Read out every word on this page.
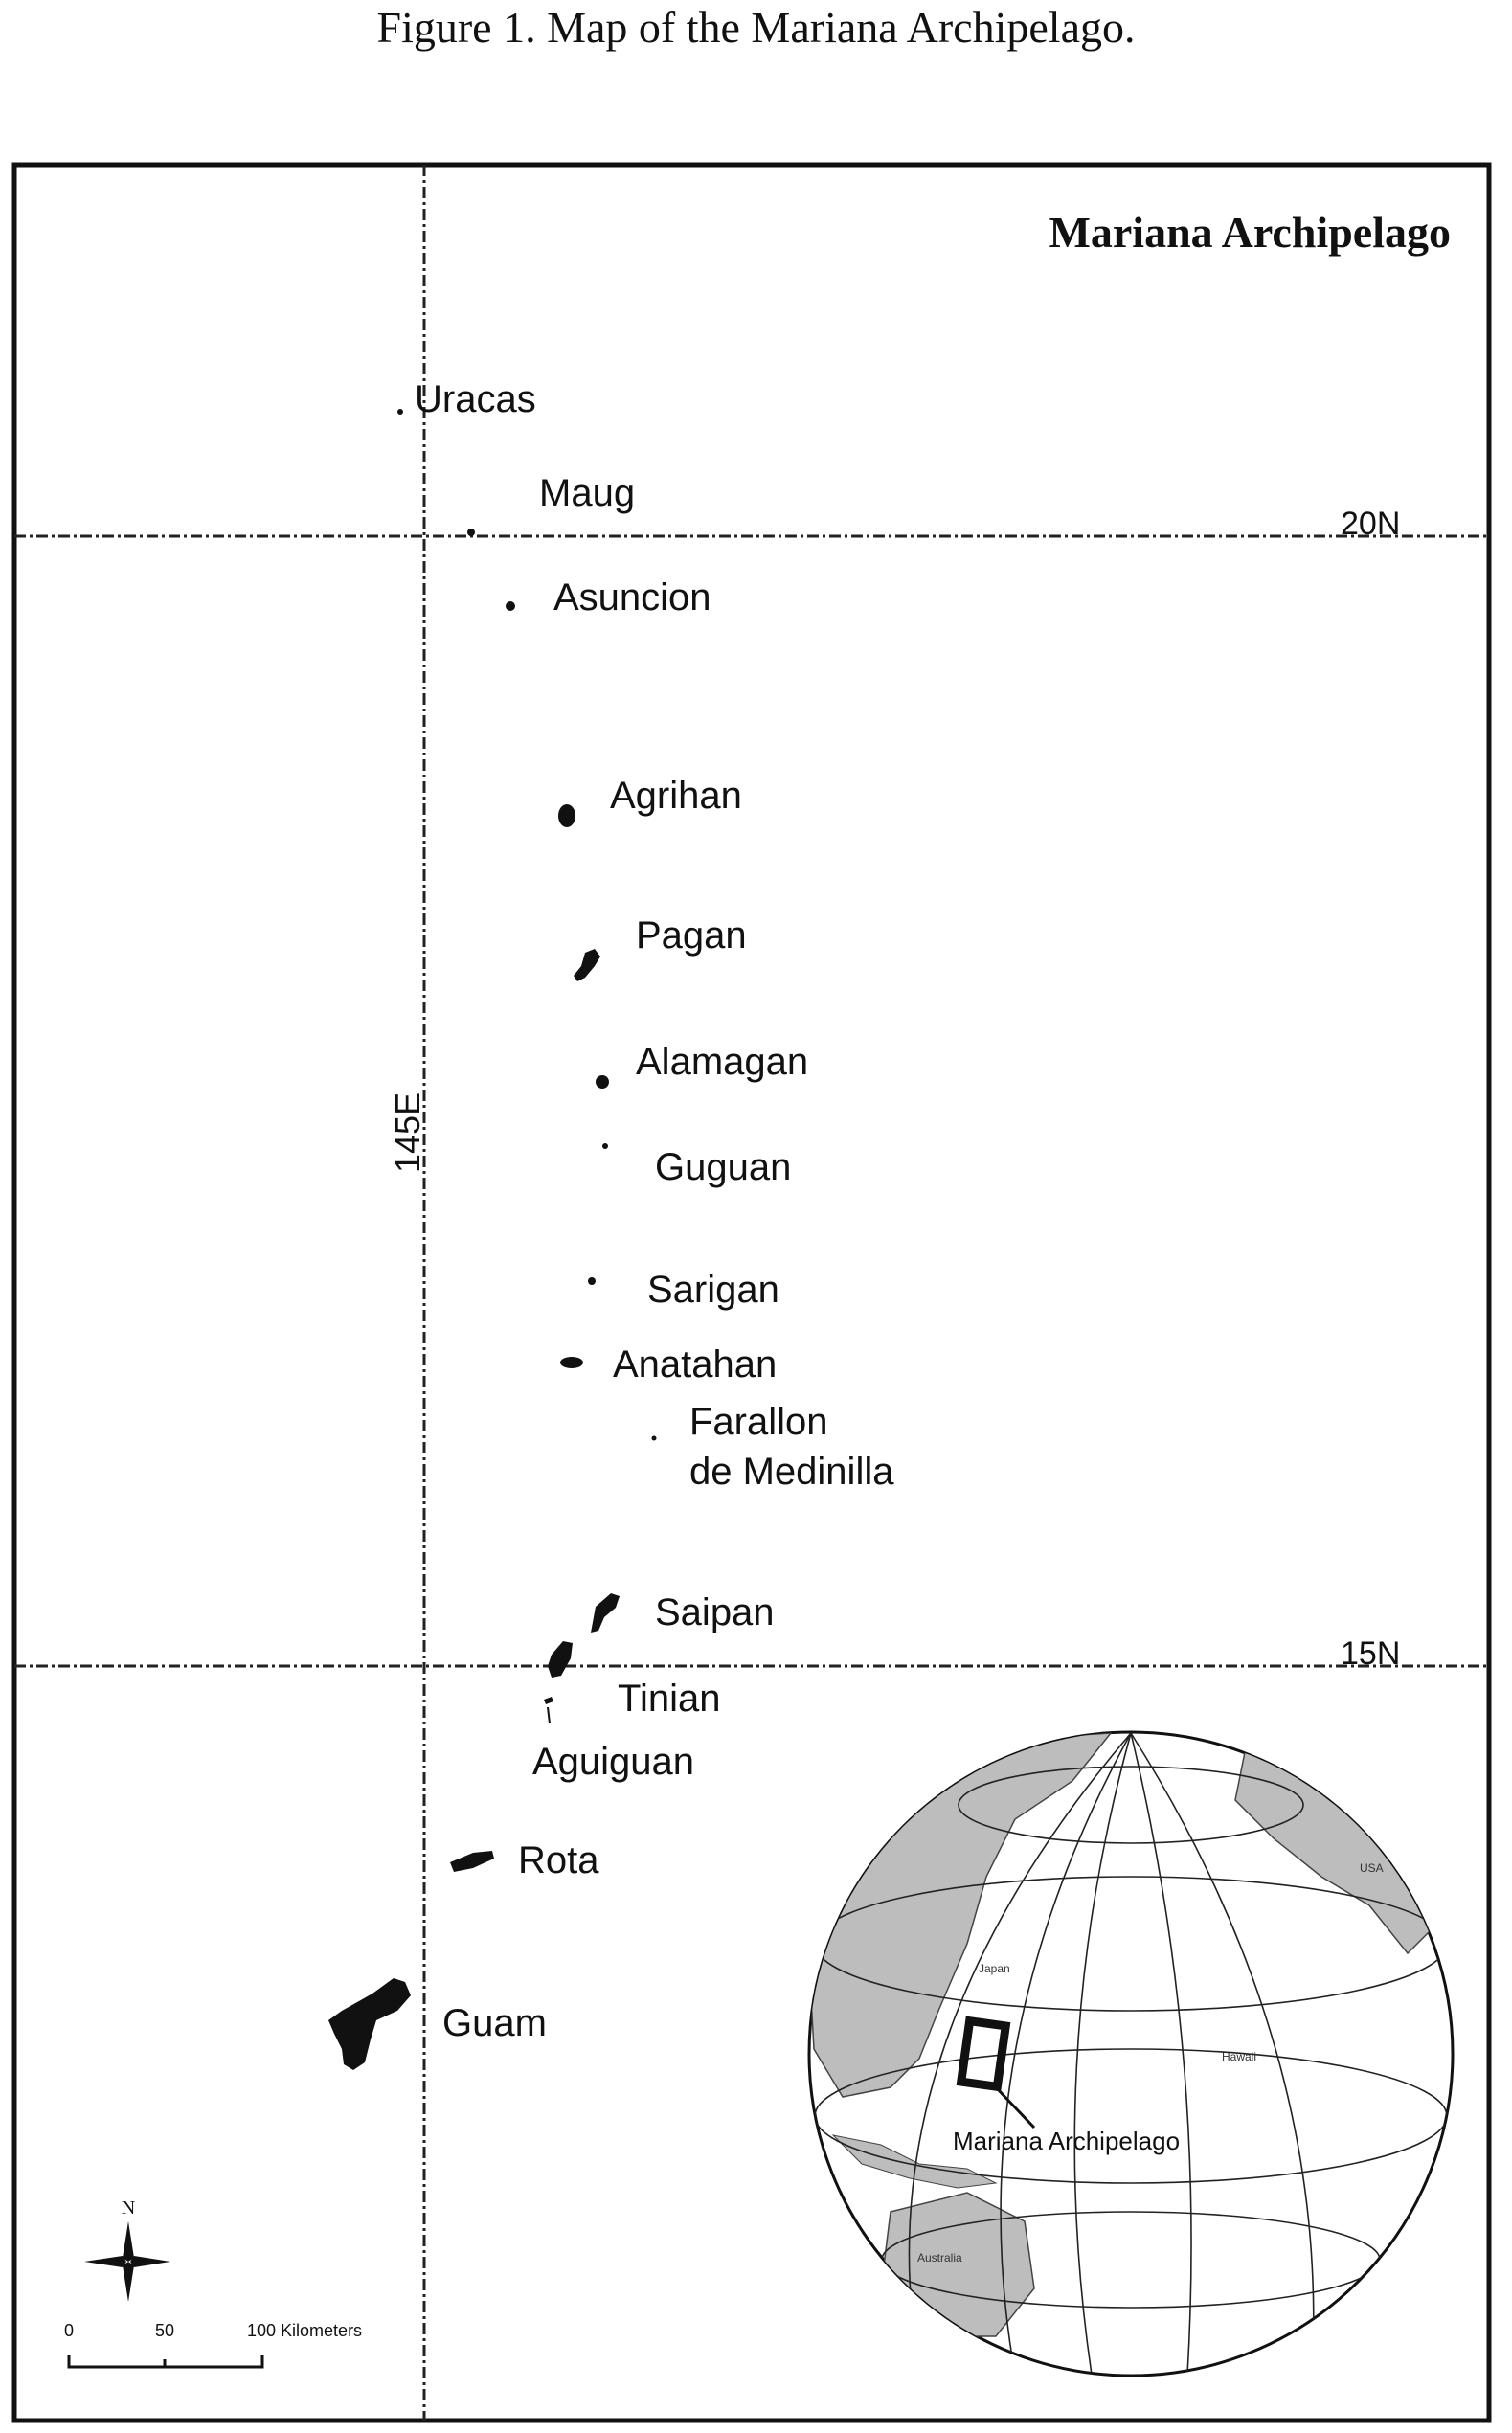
Figure 1. Map of the Mariana Archipelago.
Mariana Archipelago
20N
15N
145E
Uracas
Maug
Asuncion
Agrihan
Pagan
Alamagan
Guguan
Sarigan
Anatahan
Farallon
de Medinilla
Saipan
Tinian
Aguiguan
Rota
Guam
N
0	50	100 Kilometers
Mariana Archipelago
USA
Japan
Hawaii
Australia
